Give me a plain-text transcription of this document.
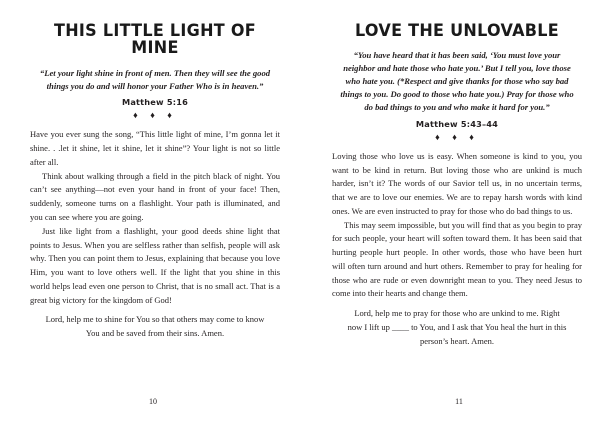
THIS LITTLE LIGHT OF MINE
“Let your light shine in front of men. Then they will see the good things you do and will honor your Father Who is in heaven.”
Matthew 5:16
♦ ♦ ♦

Have you ever sung the song, “This little light of mine, I’m gonna let it shine. . .let it shine, let it shine, let it shine”? Your light is not so little after all.

Think about walking through a field in the pitch black of night. You can’t see anything—not even your hand in front of your face! Then, suddenly, someone turns on a flashlight. Your path is illuminated, and you can see where you are going.

Just like light from a flashlight, your good deeds shine light that points to Jesus. When you are selfless rather than selfish, people will ask why. Then you can point them to Jesus, explaining that because you love Him, you want to love others well. If the light that you shine in this world helps lead even one person to Christ, that is no small act. That is a great big victory for the kingdom of God!

Lord, help me to shine for You so that others may come to know You and be saved from their sins. Amen.
10
LOVE THE UNLOVABLE
“You have heard that it has been said, ‘You must love your neighbor and hate those who hate you.’ But I tell you, love those who hate you. (*Respect and give thanks for those who say bad things to you. Do good to those who hate you.) Pray for those who do bad things to you and who make it hard for you.”
Matthew 5:43–44
♦ ♦ ♦

Loving those who love us is easy. When someone is kind to you, you want to be kind in return. But loving those who are unkind is much harder, isn’t it? The words of our Savior tell us, in no uncertain terms, that we are to love our enemies. We are to repay harsh words with kind ones. We are even instructed to pray for those who do bad things to us.

This may seem impossible, but you will find that as you begin to pray for such people, your heart will soften toward them. It has been said that hurting people hurt people. In other words, those who have been hurt will often turn around and hurt others. Remember to pray for healing for those who are rude or even downright mean to you. They need Jesus to come into their hearts and change them.

Lord, help me to pray for those who are unkind to me. Right now I lift up ____ to You, and I ask that You heal the hurt in this person’s heart. Amen.
11
